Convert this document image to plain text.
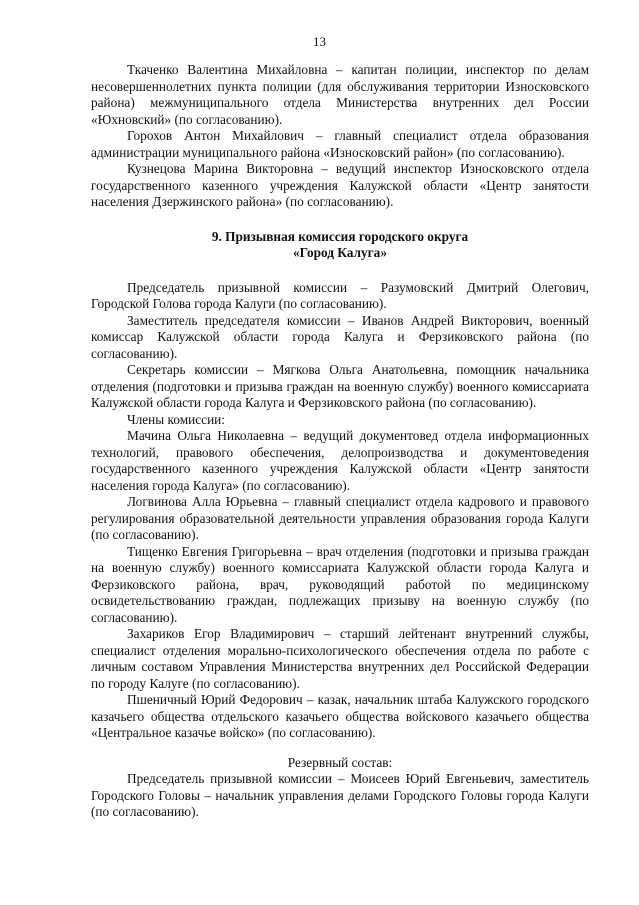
13

Ткаченко Валентина Михайловна – капитан полиции, инспектор по делам несовершеннолетних пункта полиции (для обслуживания территории Износковского района) межмуниципального отдела Министерства внутренних дел России «Юхновский» (по согласованию).

Горохов Антон Михайлович – главный специалист отдела образования администрации муниципального района «Износковский район» (по согласованию).

Кузнецова Марина Викторовна – ведущий инспектор Износковского отдела государственного казенного учреждения Калужской области «Центр занятости населения Дзержинского района» (по согласованию).

9. Призывная комиссия городского округа

«Город Калуга»

Председатель призывной комиссии – Разумовский Дмитрий Олегович, Городской Голова города Калуги (по согласованию).

Заместитель председателя комиссии – Иванов Андрей Викторович, военный комиссар Калужской области города Калуга и Ферзиковского района (по согласованию).

Секретарь комиссии – Мягкова Ольга Анатольевна, помощник начальника отделения (подготовки и призыва граждан на военную службу) военного комиссариата Калужской области города Калуга и Ферзиковского района (по согласованию).

Члены комиссии:

Мачина Ольга Николаевна – ведущий документовед отдела информационных технологий, правового обеспечения, делопроизводства и документоведения государственного казенного учреждения Калужской области «Центр занятости населения города Калуга» (по согласованию).

Логвинова Алла Юрьевна – главный специалист отдела кадрового и правового регулирования образовательной деятельности управления образования города Калуги (по согласованию).

Тищенко Евгения Григорьевна – врач отделения (подготовки и призыва граждан на военную службу) военного комиссариата Калужской области города Калуга и Ферзиковского района, врач, руководящий работой по медицинскому освидетельствованию граждан, подлежащих призыву на военную службу (по согласованию).

Захариков Егор Владимирович – старший лейтенант внутренний службы, специалист отделения морально-психологического обеспечения отдела по работе с личным составом Управления Министерства внутренних дел Российской Федерации по городу Калуге (по согласованию).

Пшеничный Юрий Федорович – казак, начальник штаба Калужского городского казачьего общества отдельского казачьего общества войскового казачьего общества «Центральное казачье войско» (по согласованию).

Резервный состав:

Председатель призывной комиссии – Моисеев Юрий Евгеньевич, заместитель Городского Головы – начальник управления делами Городского Головы города Калуги (по согласованию).
